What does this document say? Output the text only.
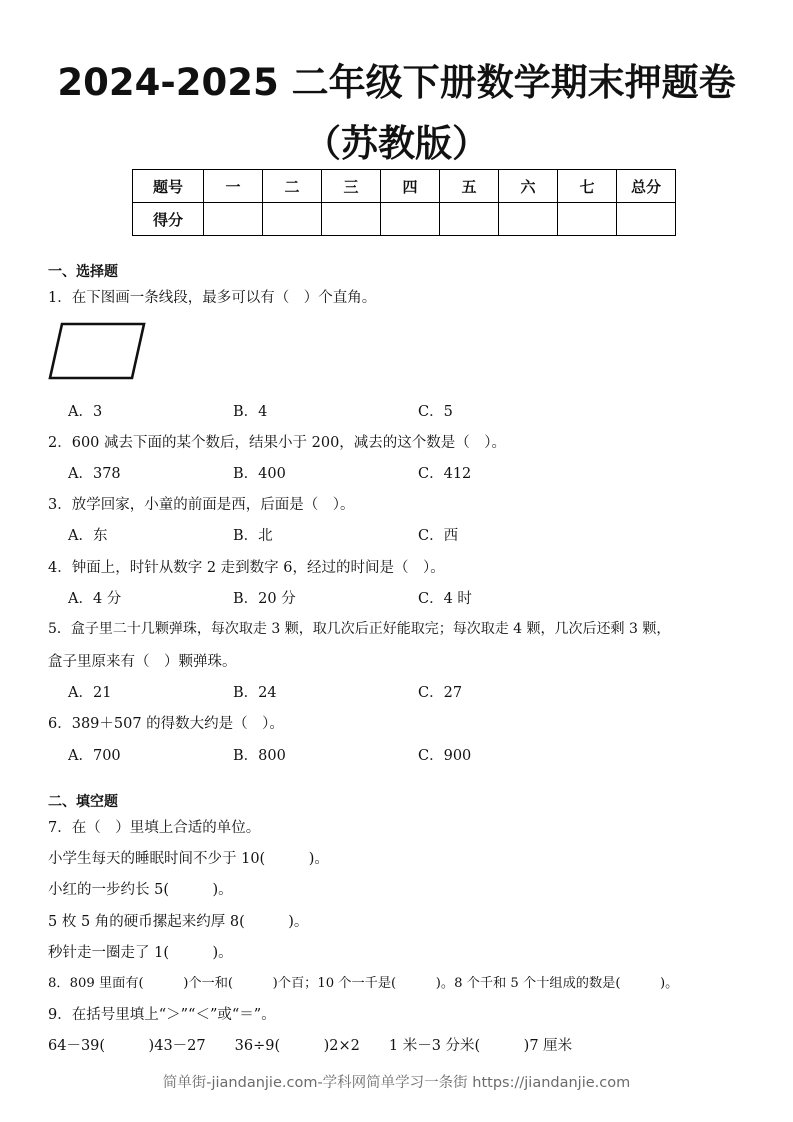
2024-2025 二年级下册数学期末押题卷
（苏教版）
题号	一	二	三	四	五	六	七	总分
得分								
一、选择题
1．在下图画一条线段，最多可以有（　）个直角。
A．3	B．4	C．5
2．600 减去下面的某个数后，结果小于 200，减去的这个数是（　）。
A．378	B．400	C．412
3．放学回家，小童的前面是西，后面是（　）。
A．东	B．北	C．西
4．钟面上，时针从数字 2 走到数字 6，经过的时间是（　）。
A．4 分	B．20 分	C．4 时
5．盒子里二十几颗弹珠，每次取走 3 颗，取几次后正好能取完；每次取走 4 颗，几次后还剩 3 颗，
盒子里原来有（　）颗弹珠。
A．21	B．24	C．27
6．389＋507 的得数大约是（　）。
A．700	B．800	C．900
二、填空题
7．在（　）里填上合适的单位。
小学生每天的睡眠时间不少于 10(　　　)。
小红的一步约长 5(　　　)。
5 枚 5 角的硬币摞起来约厚 8(　　　)。
秒针走一圈走了 1(　　　)。
8．809 里面有(　　　)个一和(　　　)个百；10 个一千是(　　　)。8 个千和 5 个十组成的数是(　　　)。
9．在括号里填上“＞”“＜”或“＝”。
64－39(　　　)43－27　　36÷9(　　　)2×2　　1 米－3 分米(　　　)7 厘米
简单街-jiandanjie.com-学科网简单学习一条街 https://jiandanjie.com
